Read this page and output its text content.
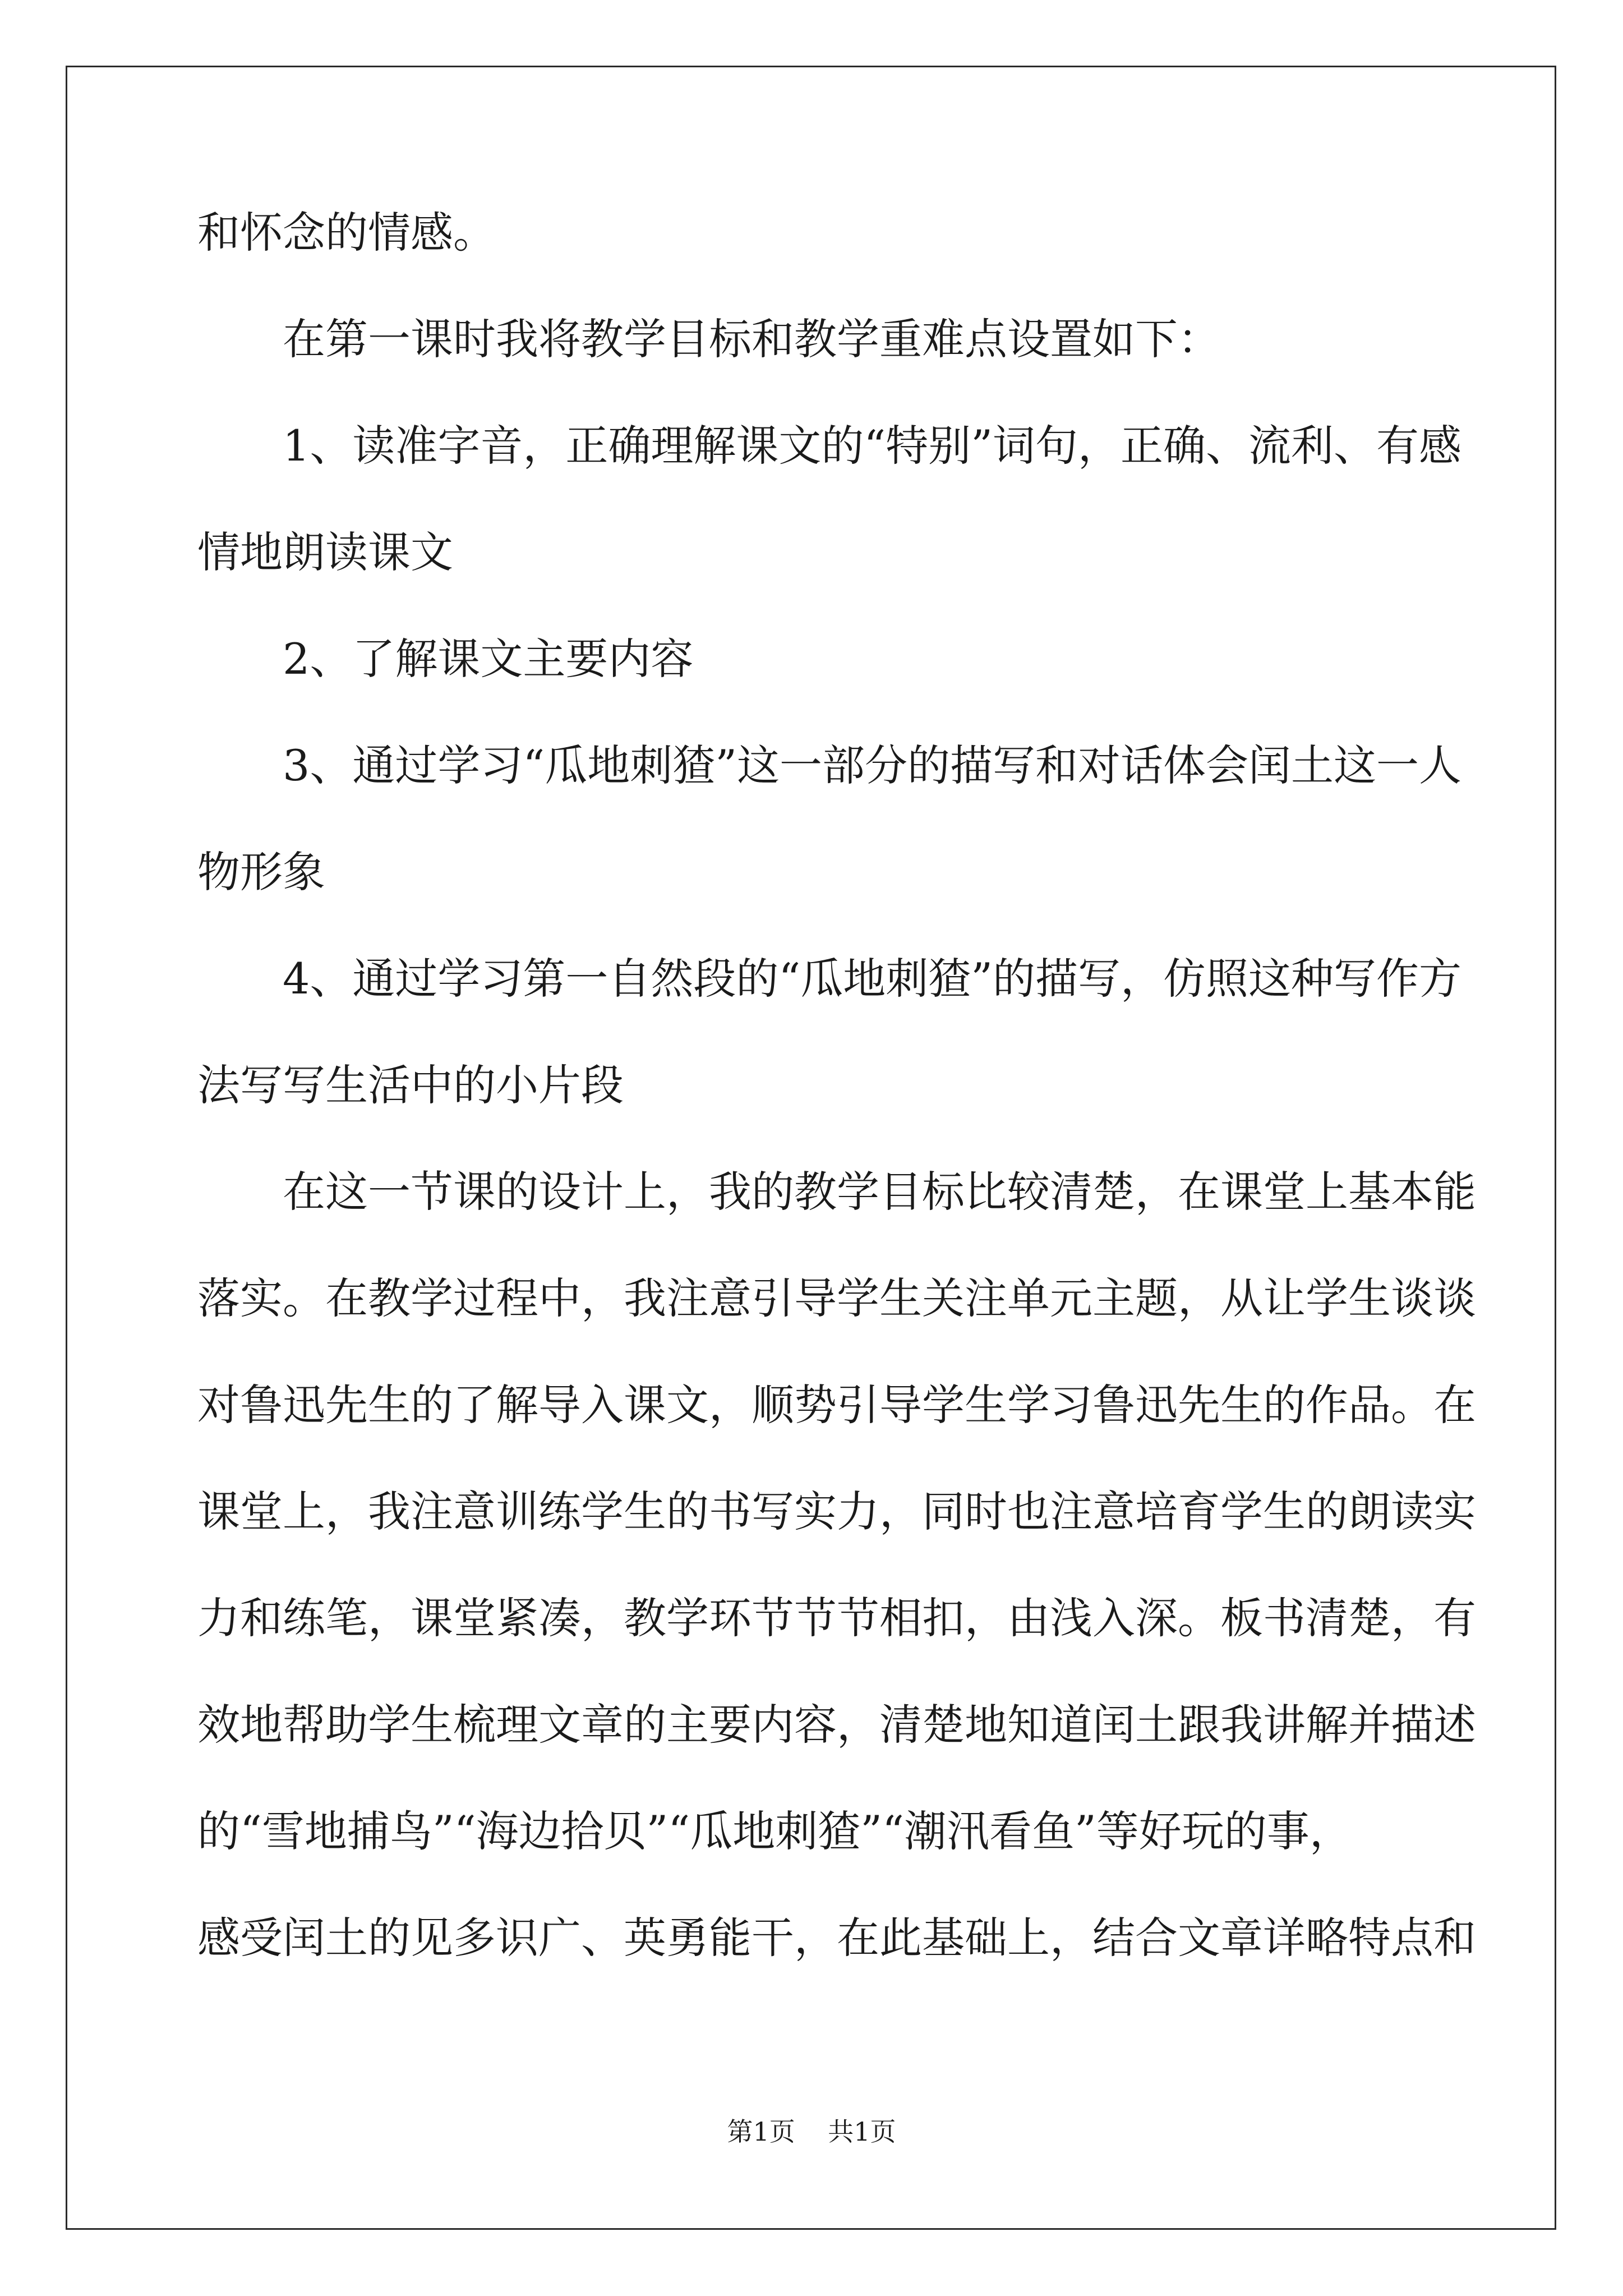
和怀念的情感。
在第一课时我将教学目标和教学重难点设置如下：
1、读准字音，正确理解课文的“特别”词句，正确、流利、有感
情地朗读课文
2、了解课文主要内容
3、通过学习“瓜地刺猹”这一部分的描写和对话体会闰土这一人
物形象
4、通过学习第一自然段的“瓜地刺猹”的描写，仿照这种写作方
法写写生活中的小片段
在这一节课的设计上，我的教学目标比较清楚，在课堂上基本能
落实。在教学过程中，我注意引导学生关注单元主题，从让学生谈谈
对鲁迅先生的了解导入课文，顺势引导学生学习鲁迅先生的作品。在
课堂上，我注意训练学生的书写实力，同时也注意培育学生的朗读实
力和练笔，课堂紧凑，教学环节节节相扣，由浅入深。板书清楚，有
效地帮助学生梳理文章的主要内容，清楚地知道闰土跟我讲解并描述
的“雪地捕鸟”“海边拾贝”“瓜地刺猹”“潮汛看鱼”等好玩的事，
感受闰土的见多识广、英勇能干，在此基础上，结合文章详略特点和
第1页 共1页
